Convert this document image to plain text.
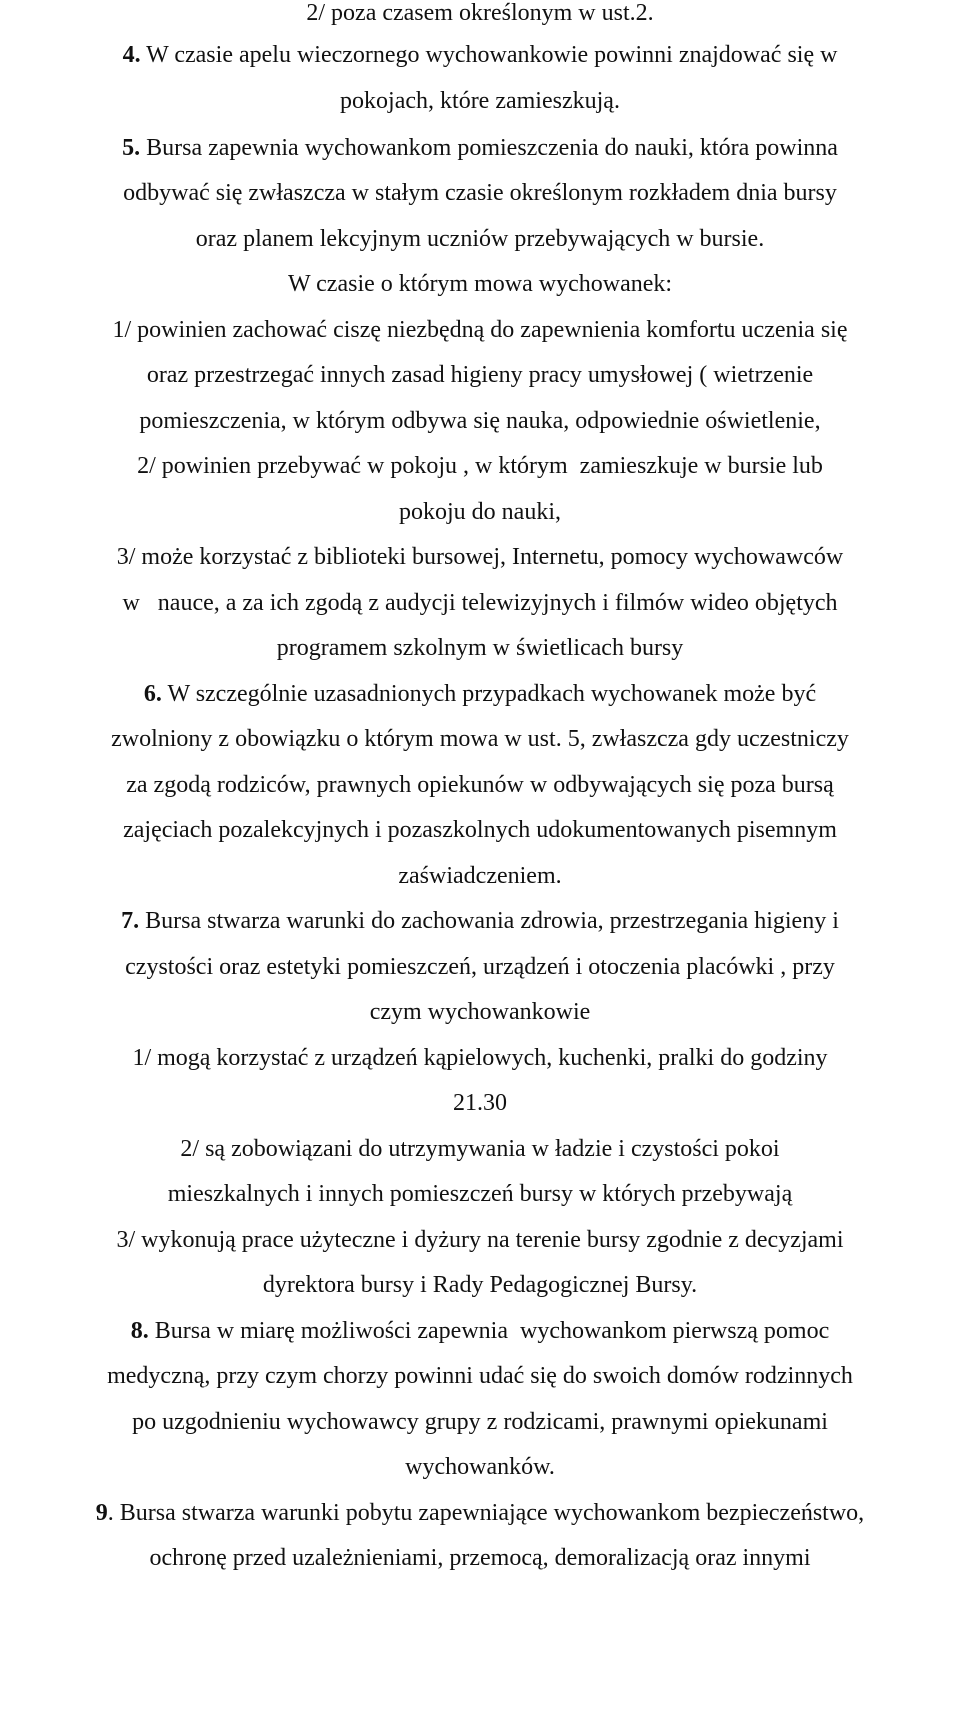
2/ poza czasem określonym w ust.2.
4. W czasie apelu wieczornego wychowankowie powinni znajdować się w
pokojach, które zamieszkują.
5. Bursa zapewnia wychowankom pomieszczenia do nauki, która powinna
odbywać się zwłaszcza w stałym czasie określonym rozkładem dnia bursy
oraz planem lekcyjnym uczniów przebywających w bursie.
W czasie o którym mowa wychowanek:
1/ powinien zachować ciszę niezbędną do zapewnienia komfortu uczenia się
oraz przestrzegać innych zasad higieny pracy umysłowej ( wietrzenie
pomieszczenia, w którym odbywa się nauka, odpowiednie oświetlenie,
2/ powinien przebywać w pokoju , w którym  zamieszkuje w bursie lub
pokoju do nauki,
3/ może korzystać z biblioteki bursowej, Internetu, pomocy wychowawców
w   nauce, a za ich zgodą z audycji telewizyjnych i filmów wideo objętych
programem szkolnym w świetlicach bursy
6. W szczególnie uzasadnionych przypadkach wychowanek może być
zwolniony z obowiązku o którym mowa w ust. 5, zwłaszcza gdy uczestniczy
za zgodą rodziców, prawnych opiekunów w odbywających się poza bursą
zajęciach pozalekcyjnych i pozaszkolnych udokumentowanych pisemnym
zaświadczeniem.
7. Bursa stwarza warunki do zachowania zdrowia, przestrzegania higieny i
czystości oraz estetyki pomieszczeń, urządzeń i otoczenia placówki , przy
czym wychowankowie
1/ mogą korzystać z urządzeń kąpielowych, kuchenki, pralki do godziny
21.30
2/ są zobowiązani do utrzymywania w ładzie i czystości pokoi
mieszkalnych i innych pomieszczeń bursy w których przebywają
3/ wykonują prace użyteczne i dyżury na terenie bursy zgodnie z decyzjami
dyrektora bursy i Rady Pedagogicznej Bursy.
8. Bursa w miarę możliwości zapewnia  wychowankom pierwszą pomoc
medyczną, przy czym chorzy powinni udać się do swoich domów rodzinnych
po uzgodnieniu wychowawcy grupy z rodzicami, prawnymi opiekunami
wychowanków.
9. Bursa stwarza warunki pobytu zapewniające wychowankom bezpieczeństwo,
ochronę przed uzależnieniami, przemocą, demoralizacją oraz innymi
